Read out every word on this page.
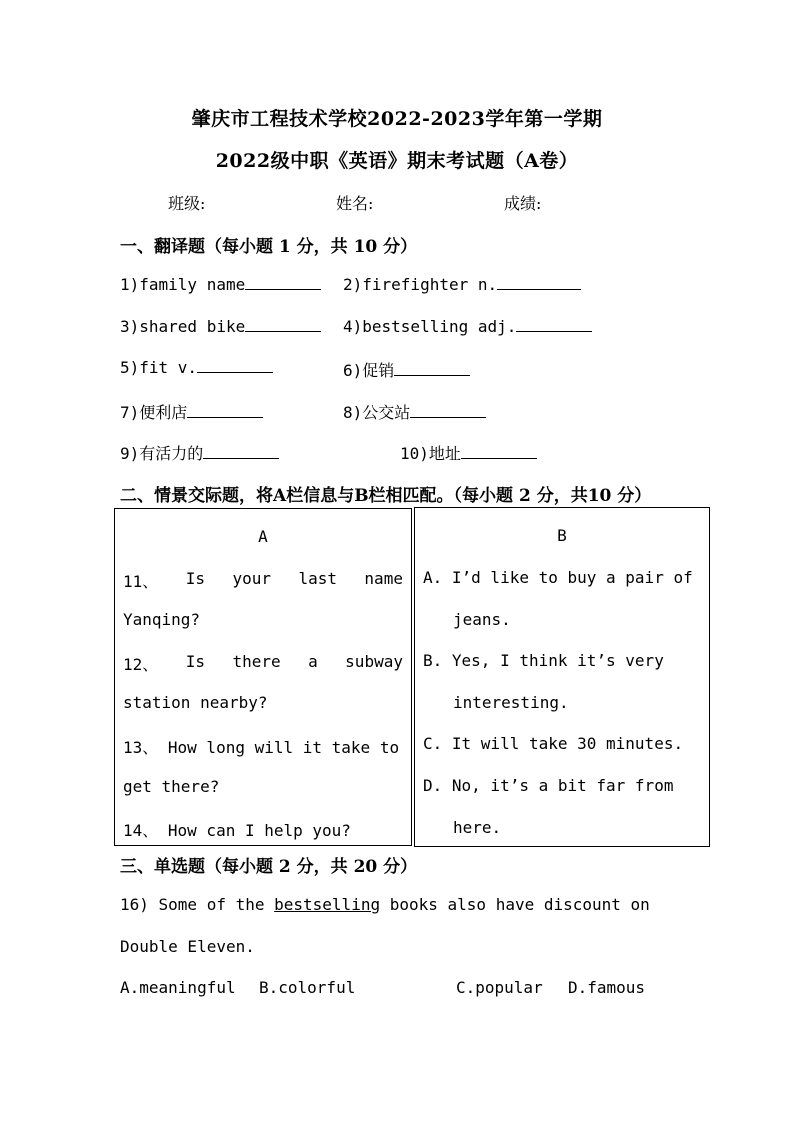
肇庆市工程技术学校2022-2023学年第一学期
2022级中职《英语》期末考试题（A卷）
班级:	姓名:	成绩:
一、翻译题（每小题 1 分，共 10 分）
1)family name	2)firefighter n.
3)shared bike	4)bestselling adj.
5)fit v.	6)促销
7)便利店	8)公交站
9)有活力的	10)地址
二、情景交际题，将A栏信息与B栏相匹配。（每小题 2 分，共10 分）
A
11、 Is your last name
Yanqing?
12、 Is there a subway
station nearby?
13、 How long will it take to
get there?
14、 How can I help you?
B
A. I’d like to buy a pair of
jeans.
B. Yes, I think it’s very
interesting.
C. It will take 30 minutes.
D. No, it’s a bit far from
here.
三、单选题（每小题 2 分，共 20 分）
16) Some of the bestselling books also have discount on
Double Eleven.
A.meaningful B.colorful	C.popular D.famous
